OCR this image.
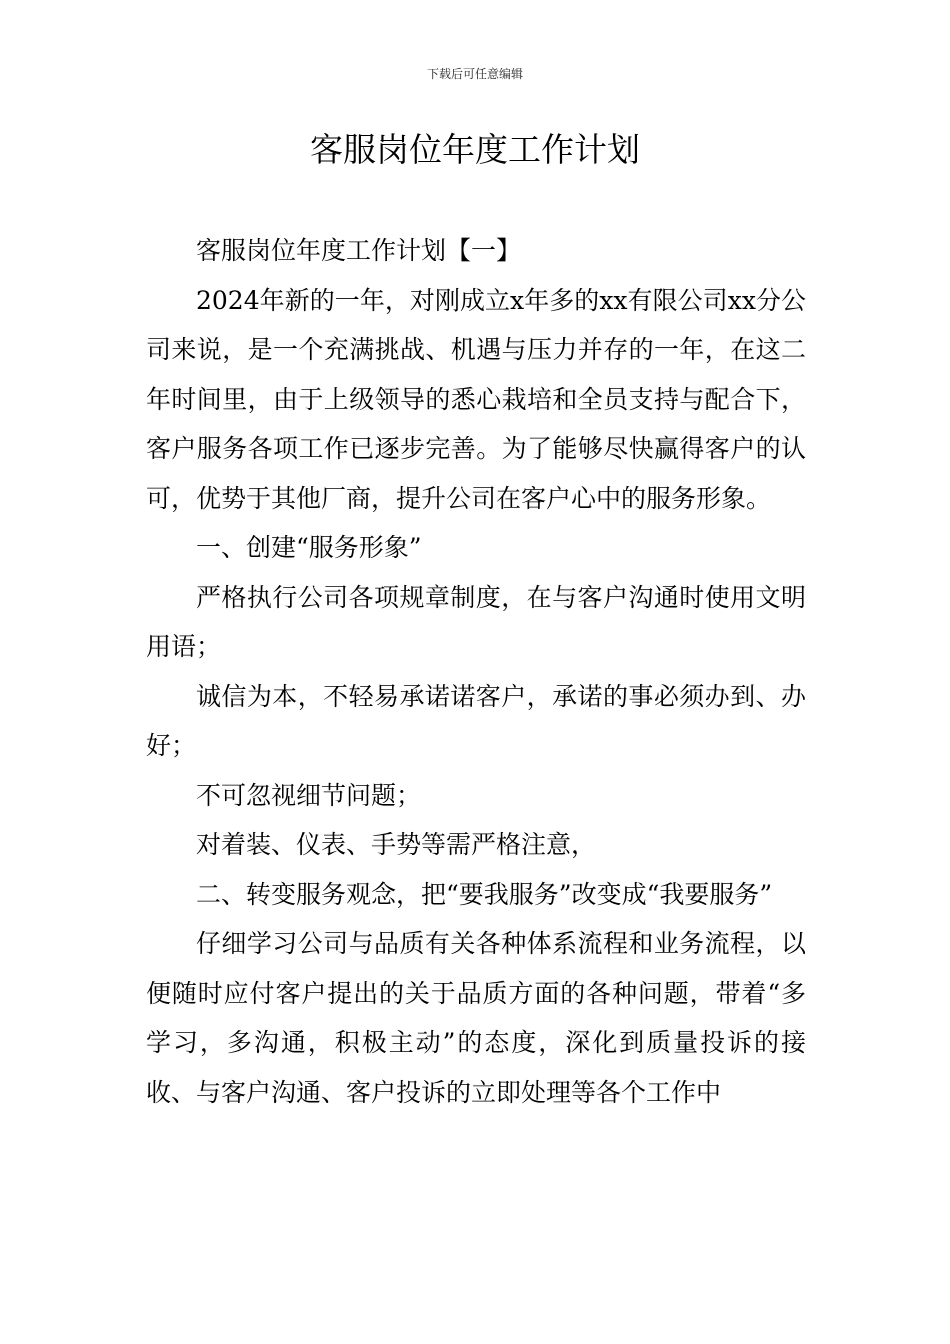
下载后可任意编辑
客服岗位年度工作计划

客服岗位年度工作计划【一】

2024年新的一年，对刚成立x年多的xx有限公司xx分公司来说，是一个充满挑战、机遇与压力并存的一年，在这二年时间里，由于上级领导的悉心栽培和全员支持与配合下，客户服务各项工作已逐步完善。为了能够尽快赢得客户的认可，优势于其他厂商，提升公司在客户心中的服务形象。

一、创建“服务形象”

严格执行公司各项规章制度，在与客户沟通时使用文明用语；

诚信为本，不轻易承诺诺客户，承诺的事必须办到、办好；

不可忽视细节问题；

对着装、仪表、手势等需严格注意，

二、转变服务观念，把“要我服务”改变成“我要服务”

仔细学习公司与品质有关各种体系流程和业务流程，以便随时应付客户提出的关于品质方面的各种问题，带着“多学习，多沟通，积极主动”的态度，深化到质量投诉的接收、与客户沟通、客户投诉的立即处理等各个工作中
